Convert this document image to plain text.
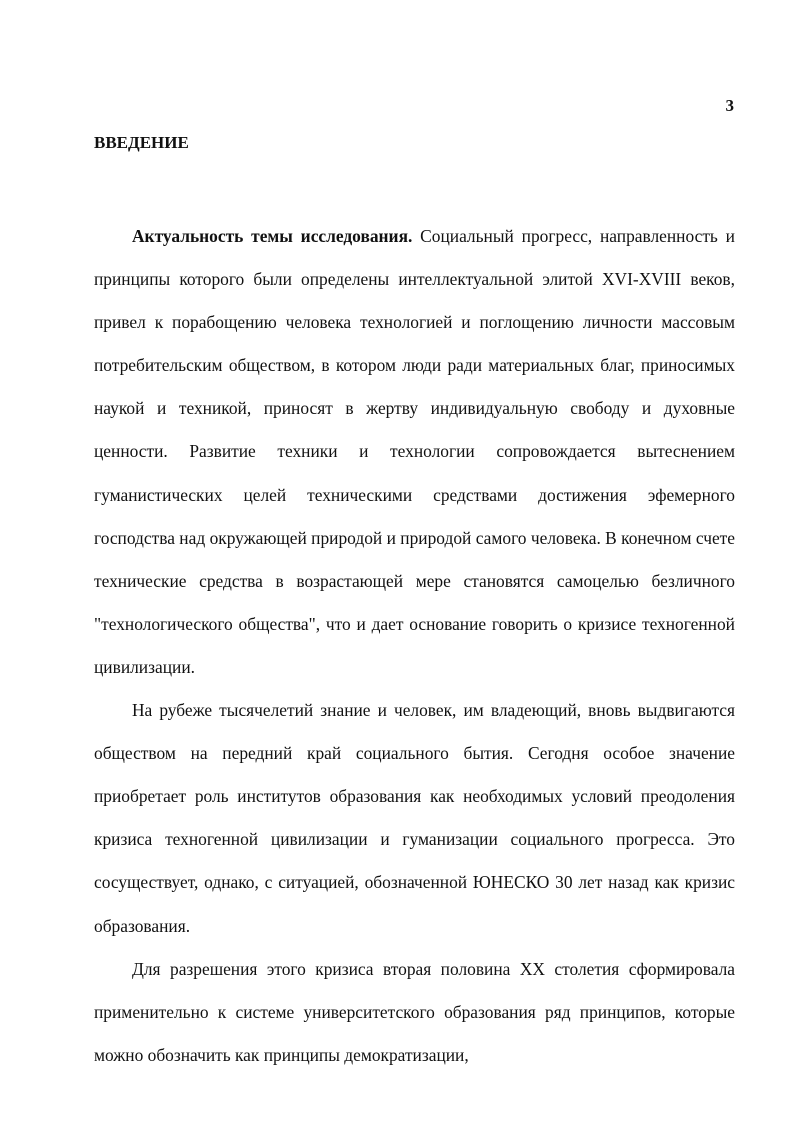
3
ВВЕДЕНИЕ

Актуальность темы исследования. Социальный прогресс, направленность и принципы которого были определены интеллектуальной элитой XVI-XVIII веков, привел к порабощению человека технологией и поглощению личности массовым потребительским обществом, в котором люди ради материальных благ, приносимых наукой и техникой, приносят в жертву индивидуальную свободу и духовные ценности. Развитие техники и технологии сопровождается вытеснением гуманистических целей техническими средствами достижения эфемерного господства над окружающей природой и природой самого человека. В конечном счете технические средства в возрастающей мере становятся самоцелью безличного "технологического общества", что и дает основание говорить о кризисе техногенной цивилизации.

На рубеже тысячелетий знание и человек, им владеющий, вновь выдвигаются обществом на передний край социального бытия. Сегодня особое значение приобретает роль институтов образования как необходимых условий преодоления кризиса техногенной цивилизации и гуманизации социального прогресса. Это сосуществует, однако, с ситуацией, обозначенной ЮНЕСКО 30 лет назад как кризис образования.

Для разрешения этого кризиса вторая половина XX столетия сформировала применительно к системе университетского образования ряд принципов, которые можно обозначить как принципы демократизации,
